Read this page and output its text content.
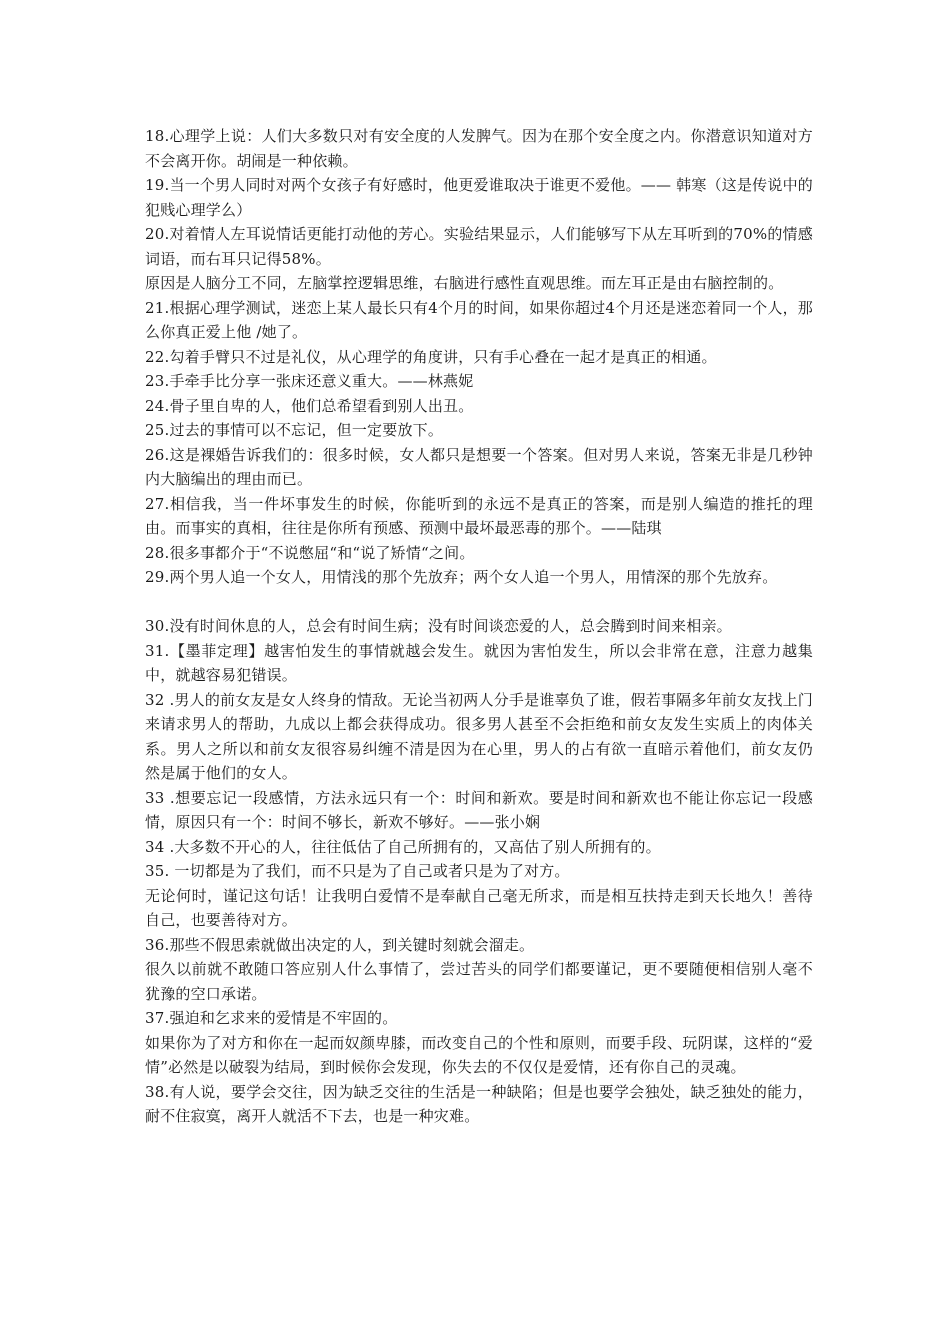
18.心理学上说：人们大多数只对有安全度的人发脾气。因为在那个安全度之内。你潜意识知道对方不会离开你。胡闹是一种依赖。

19.当一个男人同时对两个女孩子有好感时，他更爱谁取决于谁更不爱他。—— 韩寒（这是传说中的犯贱心理学么）

20.对着情人左耳说情话更能打动他的芳心。实验结果显示，人们能够写下从左耳听到的70%的情感词语，而右耳只记得58%。

原因是人脑分工不同，左脑掌控逻辑思维，右脑进行感性直观思维。而左耳正是由右脑控制的。

21.根据心理学测试，迷恋上某人最长只有4个月的时间，如果你超过4个月还是迷恋着同一个人，那么你真正爱上他 /她了。

22.勾着手臂只不过是礼仪，从心理学的角度讲，只有手心叠在一起才是真正的相通。

23.手牵手比分享一张床还意义重大。——林燕妮

24.骨子里自卑的人，他们总希望看到别人出丑。

25.过去的事情可以不忘记，但一定要放下。

26.这是裸婚告诉我们的：很多时候，女人都只是想要一个答案。但对男人来说，答案无非是几秒钟内大脑编出的理由而已。

27.相信我，当一件坏事发生的时候，你能听到的永远不是真正的答案，而是别人编造的推托的理由。而事实的真相，往往是你所有预感、预测中最坏最恶毒的那个。——陆琪

28.很多事都介于“不说憋屈“和“说了矫情“之间。

29.两个男人追一个女人，用情浅的那个先放弃；两个女人追一个男人，用情深的那个先放弃。

30.没有时间休息的人，总会有时间生病；没有时间谈恋爱的人，总会腾到时间来相亲。

31.【墨菲定理】越害怕发生的事情就越会发生。就因为害怕发生，所以会非常在意，注意力越集中，就越容易犯错误。

32 .男人的前女友是女人终身的情敌。无论当初两人分手是谁辜负了谁，假若事隔多年前女友找上门来请求男人的帮助，九成以上都会获得成功。很多男人甚至不会拒绝和前女友发生实质上的肉体关系。男人之所以和前女友很容易纠缠不清是因为在心里，男人的占有欲一直暗示着他们，前女友仍然是属于他们的女人。

33 .想要忘记一段感情，方法永远只有一个：时间和新欢。要是时间和新欢也不能让你忘记一段感情，原因只有一个：时间不够长，新欢不够好。——张小娴

34 .大多数不开心的人，往往低估了自己所拥有的，又高估了别人所拥有的。

35. 一切都是为了我们，而不只是为了自己或者只是为了对方。

无论何时，谨记这句话！让我明白爱情不是奉献自己毫无所求，而是相互扶持走到天长地久！善待自己，也要善待对方。

36.那些不假思索就做出决定的人，到关键时刻就会溜走。

很久以前就不敢随口答应别人什么事情了，尝过苦头的同学们都要谨记，更不要随便相信别人毫不犹豫的空口承诺。

37.强迫和乞求来的爱情是不牢固的。

如果你为了对方和你在一起而奴颜卑膝，而改变自己的个性和原则，而要手段、玩阴谋，这样的“爱情”必然是以破裂为结局，到时候你会发现，你失去的不仅仅是爱情，还有你自己的灵魂。

38.有人说，要学会交往，因为缺乏交往的生活是一种缺陷；但是也要学会独处，缺乏独处的能力，耐不住寂寞，离开人就活不下去，也是一种灾难。
